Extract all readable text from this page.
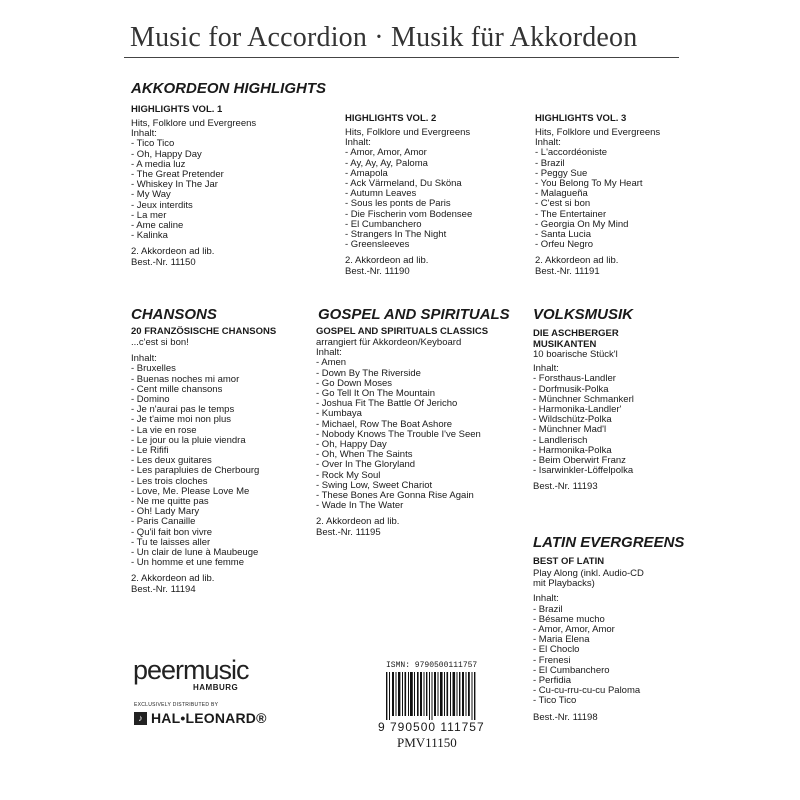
Music for Accordion · Musik für Akkordeon
AKKORDEON HIGHLIGHTS
HIGHLIGHTS VOL. 1
Hits, Folklore und Evergreens
Inhalt:
- Tico Tico
- Oh, Happy Day
- A media luz
- The Great Pretender
- Whiskey In The Jar
- My Way
- Jeux interdits
- La mer
- Ame caline
- Kalinka
2. Akkordeon ad lib.
Best.-Nr. 11150
HIGHLIGHTS VOL. 2
Hits, Folklore und Evergreens
Inhalt:
- Amor, Amor, Amor
- Ay, Ay, Ay, Paloma
- Amapola
- Ack Värmeland, Du Sköna
- Autumn Leaves
- Sous les ponts de Paris
- Die Fischerin vom Bodensee
- El Cumbanchero
- Strangers In The Night
- Greensleeves
2. Akkordeon ad lib.
Best.-Nr. 11190
HIGHLIGHTS VOL. 3
Hits, Folklore und Evergreens
Inhalt:
- L'accordéoniste
- Brazil
- Peggy Sue
- You Belong To My Heart
- Malagueña
- C'est si bon
- The Entertainer
- Georgia On My Mind
- Santa Lucia
- Orfeu Negro
2. Akkordeon ad lib.
Best.-Nr. 11191
CHANSONS
20 FRANZÖSISCHE CHANSONS
...c'est si bon!
Inhalt:
- Bruxelles
- Buenas noches mi amor
- Cent mille chansons
- Domino
- Je n'aurai pas le temps
- Je t'aime moi non plus
- La vie en rose
- Le jour ou la pluie viendra
- Le Rififi
- Les deux guitares
- Les parapluies de Cherbourg
- Les trois cloches
- Love, Me. Please Love Me
- Ne me quitte pas
- Oh! Lady Mary
- Paris Canaille
- Qu'il fait bon vivre
- Tu te laisses aller
- Un clair de lune à Maubeuge
- Un homme et une femme
2. Akkordeon ad lib.
Best.-Nr. 11194
GOSPEL AND SPIRITUALS
GOSPEL AND SPIRITUALS CLASSICS
arrangiert für Akkordeon/Keyboard
Inhalt:
- Amen
- Down By The Riverside
- Go Down Moses
- Go Tell It On The Mountain
- Joshua Fit The Battle Of Jericho
- Kumbaya
- Michael, Row The Boat Ashore
- Nobody Knows The Trouble I've Seen
- Oh, Happy Day
- Oh, When The Saints
- Over In The Gloryland
- Rock My Soul
- Swing Low, Sweet Chariot
- These Bones Are Gonna Rise Again
- Wade In The Water
2. Akkordeon ad lib.
Best.-Nr. 11195
VOLKSMUSIK
DIE ASCHBERGER
MUSIKANTEN
10 boarische Stück'l
Inhalt:
- Forsthaus-Landler
- Dorfmusik-Polka
- Münchner Schmankerl
- Harmonika-Landler'
- Wildschütz-Polka
- Münchner Mad'l
- Landlerisch
- Harmonika-Polka
- Beim Oberwirt Franz
- Isarwinkler-Löffelpolka
Best.-Nr. 11193
LATIN EVERGREENS
BEST OF LATIN
Play Along (inkl. Audio-CD
mit Playbacks)
Inhalt:
- Brazil
- Bésame mucho
- Amor, Amor, Amor
- Maria Elena
- El Choclo
- Frenesi
- El Cumbanchero
- Perfidia
- Cu-cu-rru-cu-cu Paloma
- Tico Tico
Best.-Nr. 11198
peermusic
HAMBURG
EXCLUSIVELY DISTRIBUTED BY
♪ HAL•LEONARD®
ISMN: 9790500111757
9 790500 111757
PMV11150
